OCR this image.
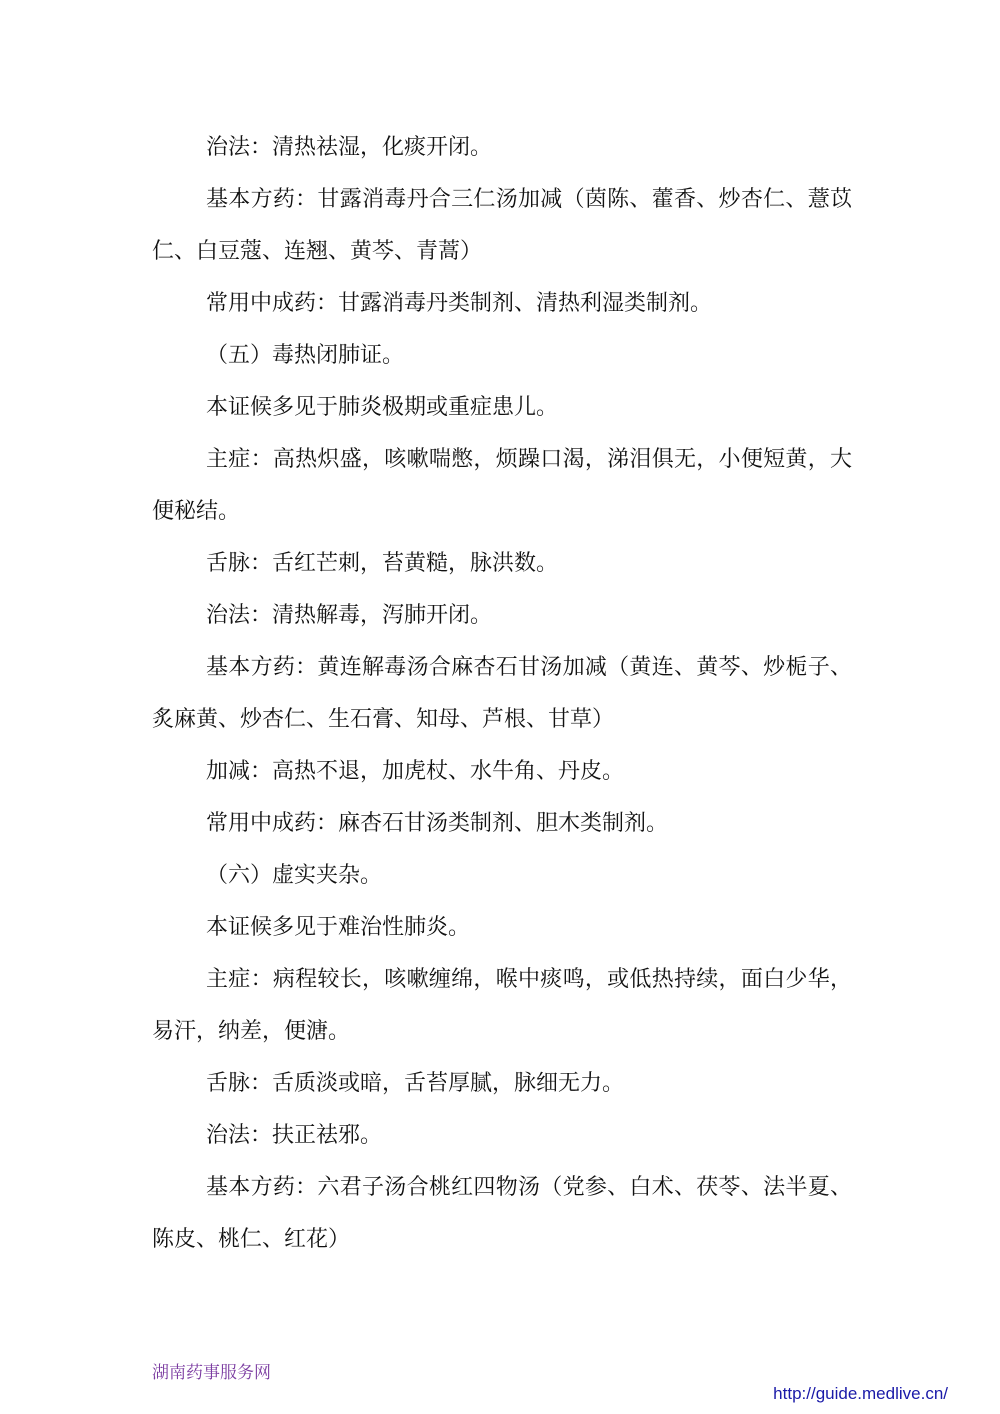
治法：清热祛湿，化痰开闭。

基本方药：甘露消毒丹合三仁汤加减（茵陈、藿香、炒杏仁、薏苡仁、白豆蔻、连翘、黄芩、青蒿）

常用中成药：甘露消毒丹类制剂、清热利湿类制剂。

（五）毒热闭肺证。

本证候多见于肺炎极期或重症患儿。

主症：高热炽盛，咳嗽喘憋，烦躁口渴，涕泪俱无，小便短黄，大便秘结。

舌脉：舌红芒刺，苔黄糙，脉洪数。

治法：清热解毒，泻肺开闭。

基本方药：黄连解毒汤合麻杏石甘汤加减（黄连、黄芩、炒栀子、炙麻黄、炒杏仁、生石膏、知母、芦根、甘草）

加减：高热不退，加虎杖、水牛角、丹皮。

常用中成药：麻杏石甘汤类制剂、胆木类制剂。

（六）虚实夹杂。

本证候多见于难治性肺炎。

主症：病程较长，咳嗽缠绵，喉中痰鸣，或低热持续，面白少华，易汗，纳差，便溏。

舌脉：舌质淡或暗，舌苔厚腻，脉细无力。

治法：扶正祛邪。

基本方药：六君子汤合桃红四物汤（党参、白术、茯苓、法半夏、陈皮、桃仁、红花）

湖南药事服务网
http://guide.medlive.cn/
